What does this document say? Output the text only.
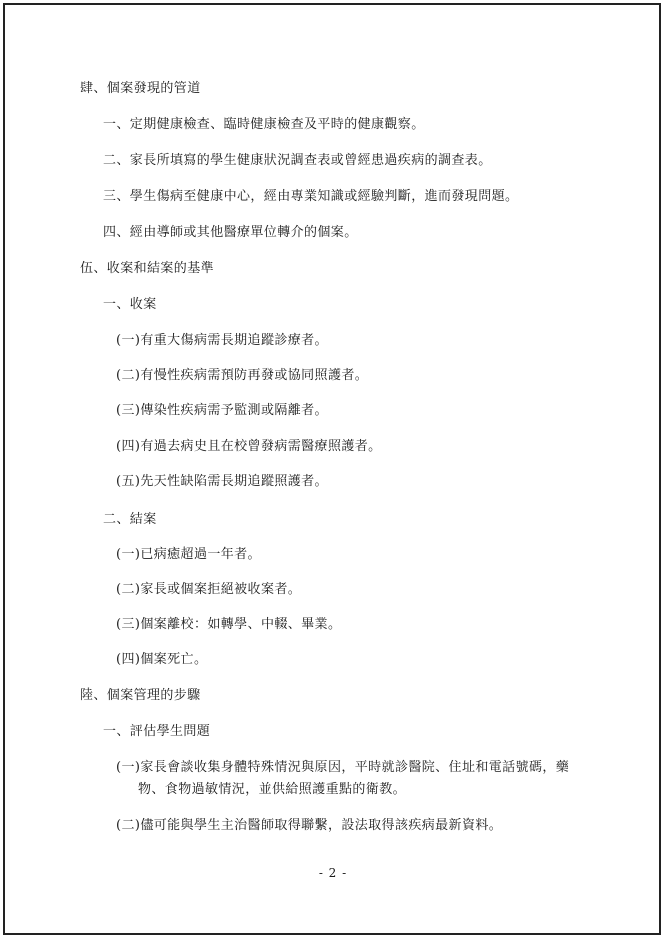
肆、個案發現的管道
一、定期健康檢查、臨時健康檢查及平時的健康觀察。
二、家長所填寫的學生健康狀況調查表或曾經患過疾病的調查表。
三、學生傷病至健康中心，經由專業知識或經驗判斷，進而發現問題。
四、經由導師或其他醫療單位轉介的個案。
伍、收案和結案的基準
一、收案
(一)有重大傷病需長期追蹤診療者。
(二)有慢性疾病需預防再發或協同照護者。
(三)傳染性疾病需予監測或隔離者。
(四)有過去病史且在校曾發病需醫療照護者。
(五)先天性缺陷需長期追蹤照護者。
二、結案
(一)已病癒超過一年者。
(二)家長或個案拒絕被收案者。
(三)個案離校：如轉學、中輟、畢業。
(四)個案死亡。
陸、個案管理的步驟
一、評估學生問題
(一)家長會談收集身體特殊情況與原因，平時就診醫院、住址和電話號碼，藥
物、食物過敏情況，並供給照護重點的衛教。
(二)儘可能與學生主治醫師取得聯繫，設法取得該疾病最新資料。
- 2 -
